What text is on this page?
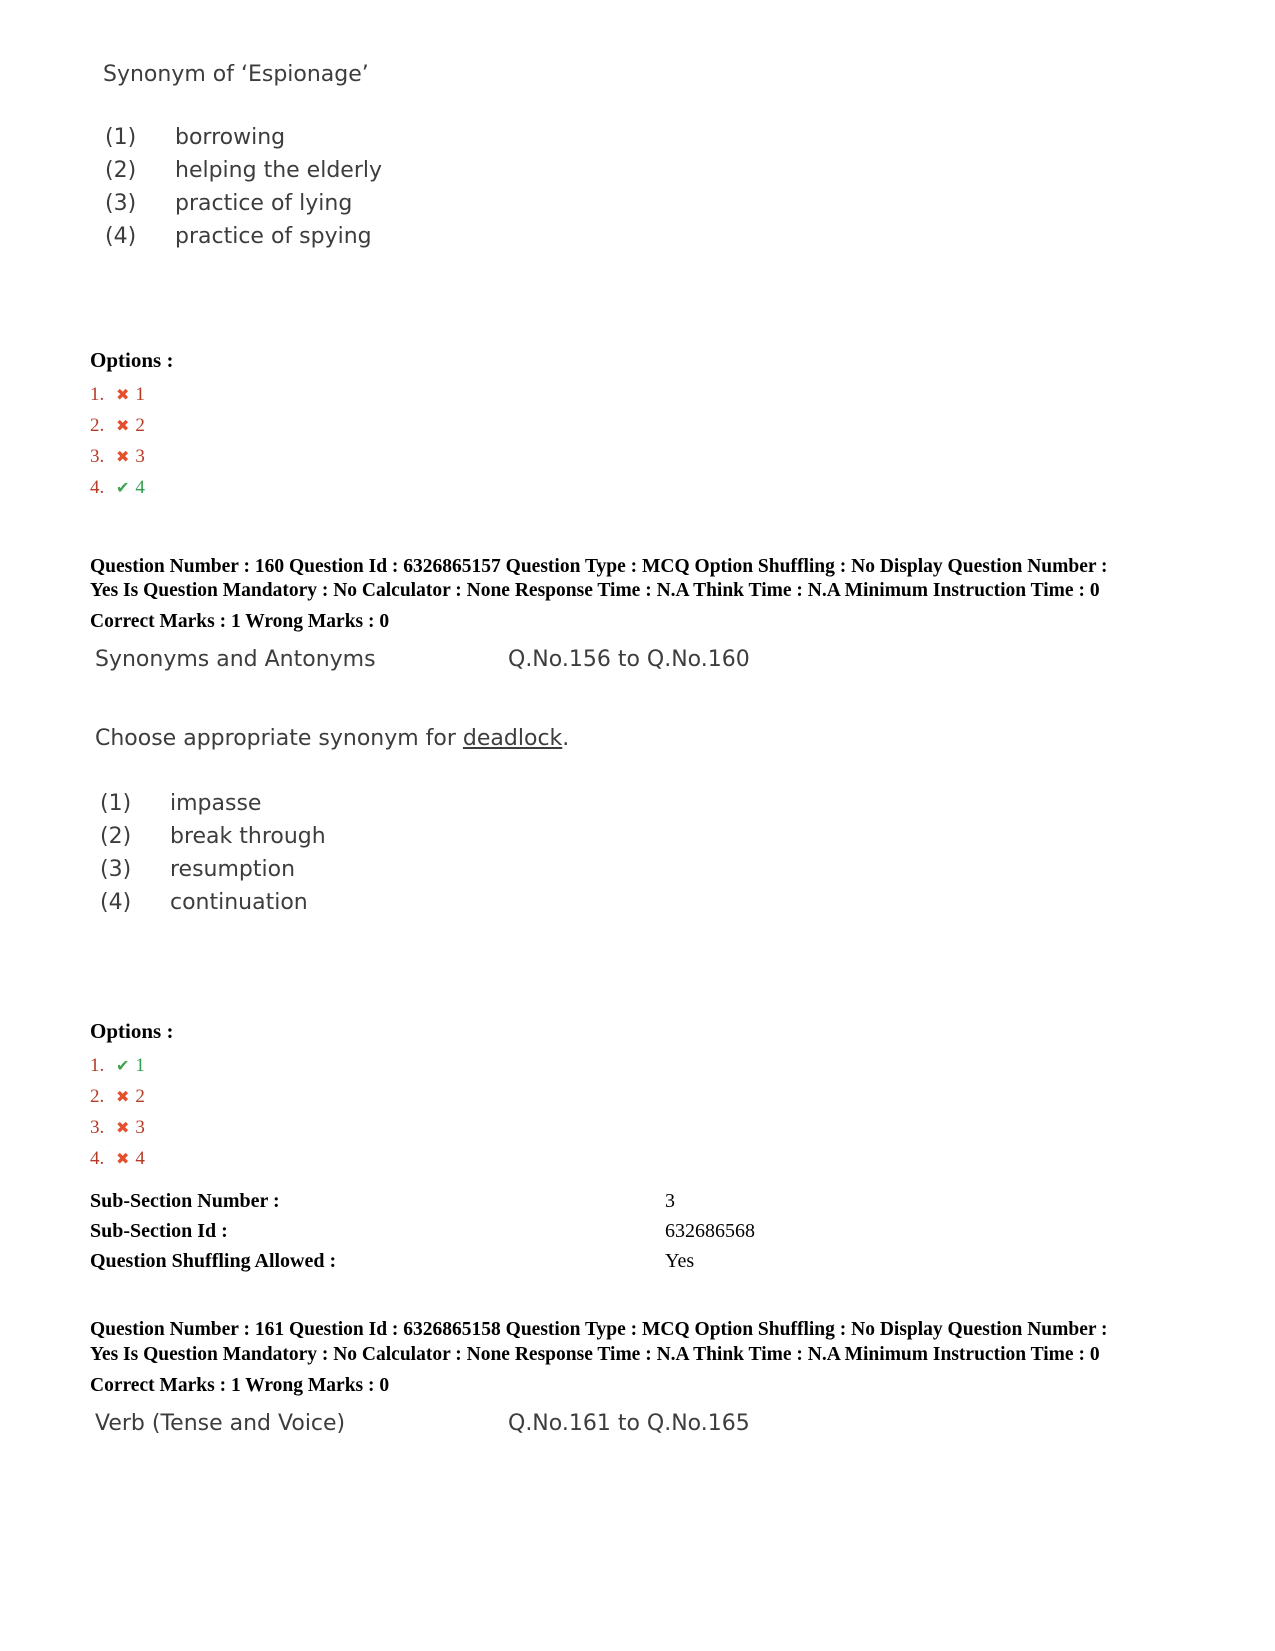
Synonym of ‘Espionage’
(1)	borrowing
(2)	helping the elderly
(3)	practice of lying
(4)	practice of spying
Options :
1. ✖ 1
2. ✖ 2
3. ✖ 3
4. ✔ 4
Question Number : 160 Question Id : 6326865157 Question Type : MCQ Option Shuffling : No Display Question Number : Yes Is Question Mandatory : No Calculator : None Response Time : N.A Think Time : N.A Minimum Instruction Time : 0
Correct Marks : 1 Wrong Marks : 0
Synonyms and Antonyms	Q.No.156 to Q.No.160
Choose appropriate synonym for deadlock.
(1)	impasse
(2)	break through
(3)	resumption
(4)	continuation
Options :
1. ✔ 1
2. ✖ 2
3. ✖ 3
4. ✖ 4
Sub-Section Number :	3
Sub-Section Id :	632686568
Question Shuffling Allowed :	Yes
Question Number : 161 Question Id : 6326865158 Question Type : MCQ Option Shuffling : No Display Question Number : Yes Is Question Mandatory : No Calculator : None Response Time : N.A Think Time : N.A Minimum Instruction Time : 0
Correct Marks : 1 Wrong Marks : 0
Verb (Tense and Voice)	Q.No.161 to Q.No.165
